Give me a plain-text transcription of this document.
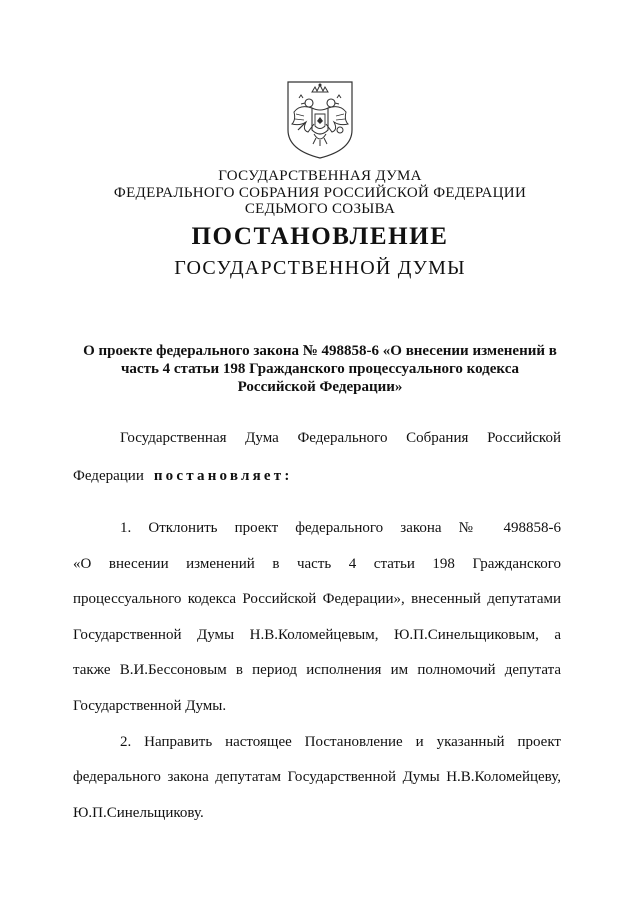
ГОСУДАРСТВЕННАЯ ДУМА
ФЕДЕРАЛЬНОГО СОБРАНИЯ РОССИЙСКОЙ ФЕДЕРАЦИИ
СЕДЬМОГО СОЗЫВА
ПОСТАНОВЛЕНИЕ
ГОСУДАРСТВЕННОЙ ДУМЫ
О проекте федерального закона № 498858-6 «О внесении изменений в
часть 4 статьи 198 Гражданского процессуального кодекса
Российской Федерации»
Государственная Дума Федерального Собрания Российской
Федерации постановляет:
1. Отклонить проект федерального закона № 498858-6
«О внесении изменений в часть 4 статьи 198 Гражданского
процессуального кодекса Российской Федерации», внесенный депутатами
Государственной Думы Н.В.Коломейцевым, Ю.П.Синельщиковым, а
также В.И.Бессоновым в период исполнения им полномочий депутата
Государственной Думы.
2. Направить настоящее Постановление и указанный проект
федерального закона депутатам Государственной Думы Н.В.Коломейцеву,
Ю.П.Синельщикову.
